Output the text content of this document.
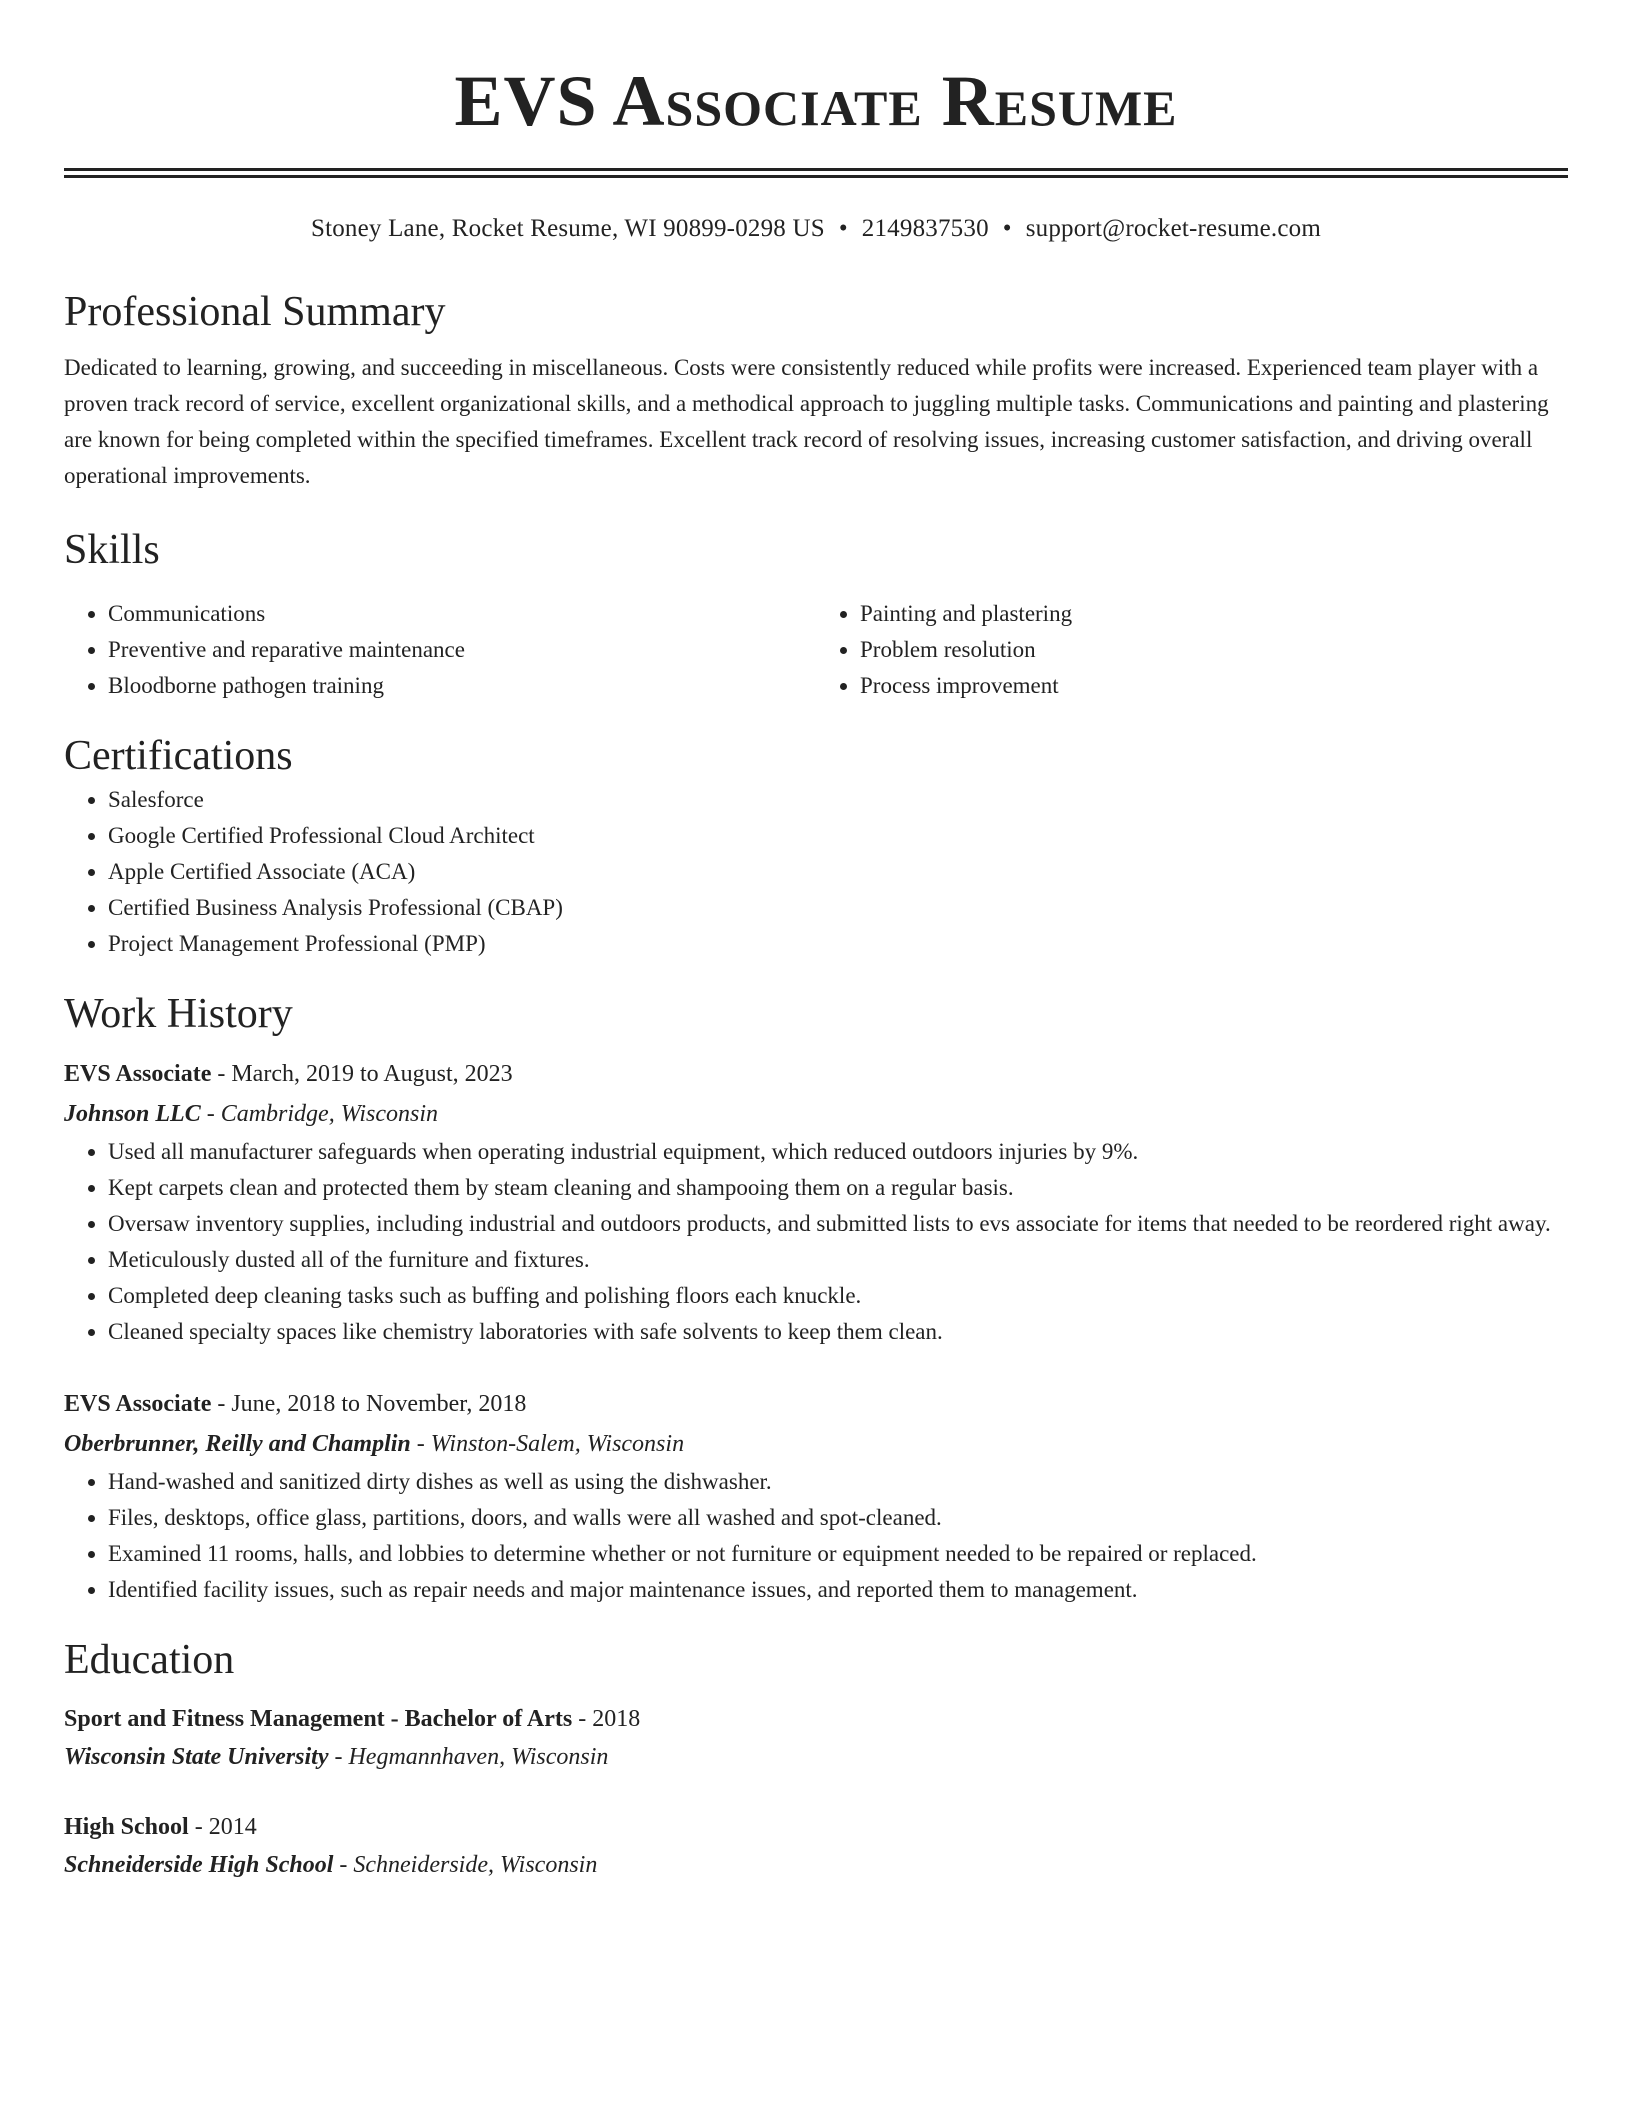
EVS Associate Resume
Stoney Lane, Rocket Resume, WI 90899-0298 US • 2149837530 • support@rocket-resume.com
Professional Summary

Dedicated to learning, growing, and succeeding in miscellaneous. Costs were consistently reduced while profits were increased. Experienced team player with a proven track record of service, excellent organizational skills, and a methodical approach to juggling multiple tasks. Communications and painting and plastering are known for being completed within the specified timeframes. Excellent track record of resolving issues, increasing customer satisfaction, and driving overall operational improvements.

Skills
• Communications
• Preventive and reparative maintenance
• Bloodborne pathogen training
• Painting and plastering
• Problem resolution
• Process improvement
Certifications
• Salesforce
• Google Certified Professional Cloud Architect
• Apple Certified Associate (ACA)
• Certified Business Analysis Professional (CBAP)
• Project Management Professional (PMP)
Work History
EVS Associate - March, 2019 to August, 2023
Johnson LLC - Cambridge, Wisconsin
• Used all manufacturer safeguards when operating industrial equipment, which reduced outdoors injuries by 9%.
• Kept carpets clean and protected them by steam cleaning and shampooing them on a regular basis.
• Oversaw inventory supplies, including industrial and outdoors products, and submitted lists to evs associate for items that needed to be reordered right away.
• Meticulously dusted all of the furniture and fixtures.
• Completed deep cleaning tasks such as buffing and polishing floors each knuckle.
• Cleaned specialty spaces like chemistry laboratories with safe solvents to keep them clean.
EVS Associate - June, 2018 to November, 2018
Oberbrunner, Reilly and Champlin - Winston-Salem, Wisconsin
• Hand-washed and sanitized dirty dishes as well as using the dishwasher.
• Files, desktops, office glass, partitions, doors, and walls were all washed and spot-cleaned.
• Examined 11 rooms, halls, and lobbies to determine whether or not furniture or equipment needed to be repaired or replaced.
• Identified facility issues, such as repair needs and major maintenance issues, and reported them to management.
Education
Sport and Fitness Management - Bachelor of Arts - 2018
Wisconsin State University - Hegmannhaven, Wisconsin
High School - 2014
Schneiderside High School - Schneiderside, Wisconsin
